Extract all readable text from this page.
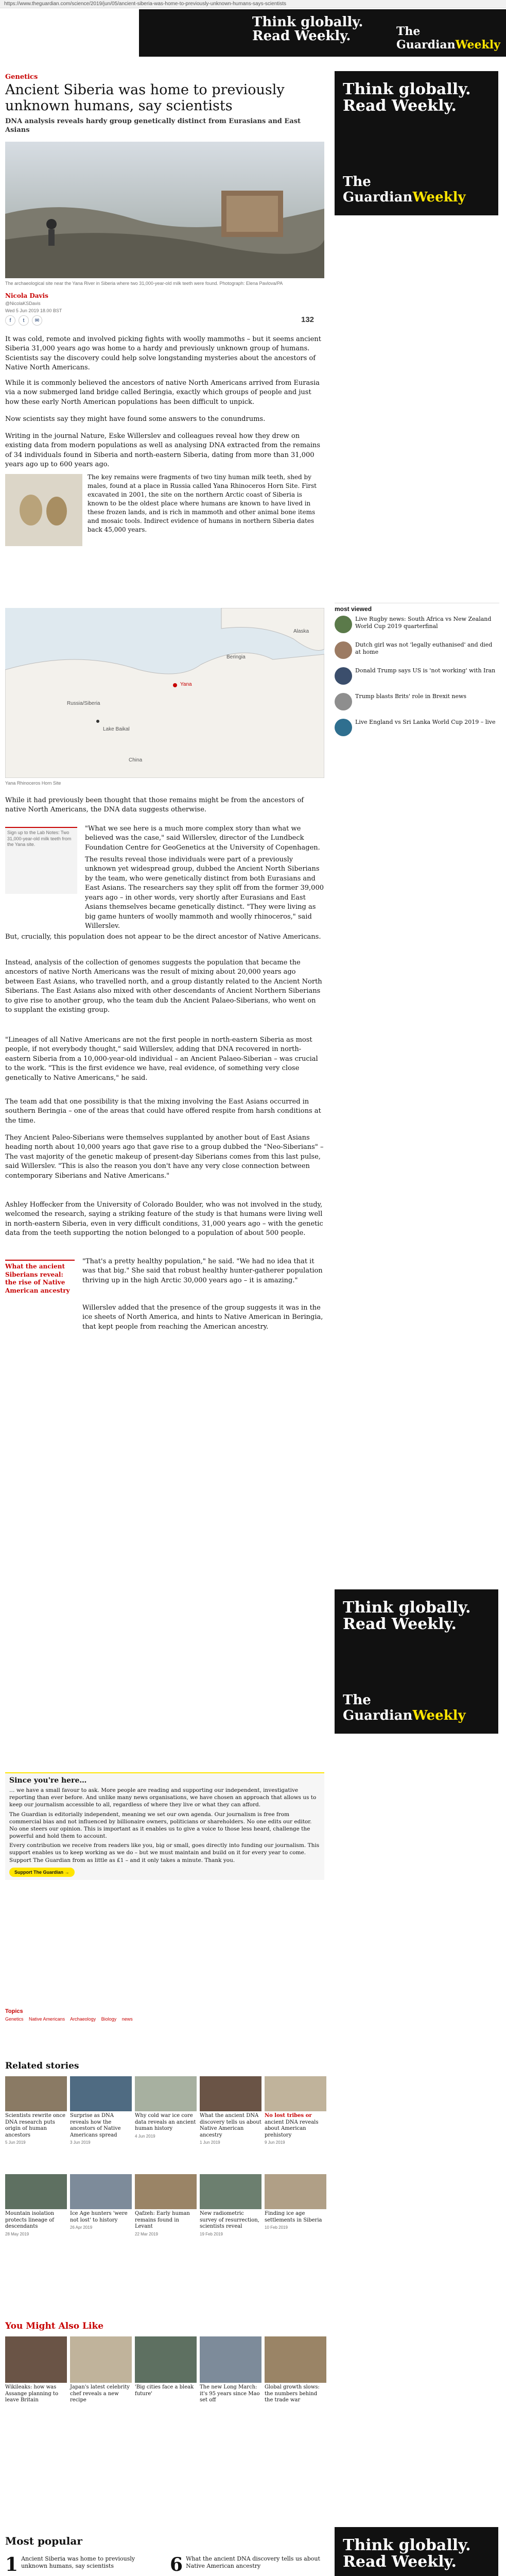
https://www.theguardian.com/science/2019/jun/05/ancient-siberia-was-home-to-previously-unknown-humans-says-scientists
Think globally. Read Weekly.	The GuardianWeekly
Genetics
Ancient Siberia was home to previously unknown humans, say scientists

DNA analysis reveals hardy group genetically distinct from Eurasians and East Asians

Think globally. Read Weekly.
The GuardianWeekly
The archaeological site near the Yana River in Siberia where two 31,000-year-old milk teeth were found. Photograph: Elena Pavlova/PA
Nicola Davis
@NicolaKSDavis
Wed 5 Jun 2019 18.00 BST
f	t	✉	132

It was cold, remote and involved picking fights with woolly mammoths – but it seems ancient Siberia 31,000 years ago was home to a hardy and previously unknown group of humans. Scientists say the discovery could help solve longstanding mysteries about the ancestors of Native North Americans.

While it is commonly believed the ancestors of native North Americans arrived from Eurasia via a now submerged land bridge called Beringia, exactly which groups of people and just how these early North American populations has been difficult to unpick.

Now scientists say they might have found some answers to the conundrums.

Writing in the journal Nature, Eske Willerslev and colleagues reveal how they drew on existing data from modern populations as well as analysing DNA extracted from the remains of 34 individuals found in Siberia and north-eastern Siberia, dating from more than 31,000 years ago up to 600 years ago.

The key remains were fragments of two tiny human milk teeth, shed by males, found at a place in Russia called Yana Rhinoceros Horn Site. First excavated in 2001, the site on the northern Arctic coast of Siberia is known to be the oldest place where humans are known to have lived in these frozen lands, and is rich in mammoth and other animal bone items and mosaic tools. Indirect evidence of humans in northern Siberia dates back 45,000 years.

Beringia
Yana
Alaska
Russia/Siberia
Lake Baikal
China
Yana Rhinoceros Horn Site
most viewed
Live Rugby news: South Africa vs New Zealand World Cup 2019 quarterfinal
Dutch girl was not 'legally euthanised' and died at home
Donald Trump says US is 'not working' with Iran
Trump blasts Brits' role in Brexit news
Live England vs Sri Lanka World Cup 2019 – live

While it had previously been thought that those remains might be from the ancestors of native North Americans, the DNA data suggests otherwise.

Sign up to the Lab Notes: Two 31,000-year-old milk teeth from the Yana site.

"What we see here is a much more complex story than what we believed was the case," said Willerslev, director of the Lundbeck Foundation Centre for GeoGenetics at the University of Copenhagen.

The results reveal those individuals were part of a previously unknown yet widespread group, dubbed the Ancient North Siberians by the team, who were genetically distinct from both Eurasians and East Asians. The researchers say they split off from the former 39,000 years ago – in other words, very shortly after Eurasians and East Asians themselves became genetically distinct. "They were living as big game hunters of woolly mammoth and woolly rhinoceros," said Willerslev.

But, crucially, this population does not appear to be the direct ancestor of Native Americans.

Instead, analysis of the collection of genomes suggests the population that became the ancestors of native North Americans was the result of mixing about 20,000 years ago between East Asians, who travelled north, and a group distantly related to the Ancient North Siberians. The East Asians also mixed with other descendants of Ancient Northern Siberians to give rise to another group, who the team dub the Ancient Palaeo-Siberians, who went on to supplant the existing group.

"Lineages of all Native Americans are not the first people in north-eastern Siberia as most people, if not everybody thought," said Willerslev, adding that DNA recovered in north-eastern Siberia from a 10,000-year-old individual – an Ancient Palaeo-Siberian – was crucial to the work. "This is the first evidence we have, real evidence, of something very close genetically to Native Americans," he said.

The team add that one possibility is that the mixing involving the East Asians occurred in southern Beringia – one of the areas that could have offered respite from harsh conditions at the time.

They Ancient Paleo-Siberians were themselves supplanted by another bout of East Asians heading north about 10,000 years ago that gave rise to a group dubbed the "Neo-Siberians" – The vast majority of the genetic makeup of present-day Siberians comes from this last pulse, said Willerslev. "This is also the reason you don't have any very close connection between contemporary Siberians and Native Americans."

Ashley Hoffecker from the University of Colorado Boulder, who was not involved in the study, welcomed the research, saying a striking feature of the study is that humans were living well in north-eastern Siberia, even in very difficult conditions, 31,000 years ago – with the genetic data from the teeth supporting the notion belonged to a population of about 500 people.

What the ancient Siberians reveal: the rise of Native American ancestry

"That's a pretty healthy population," he said. "We had no idea that it was that big." She said that robust healthy hunter-gatherer population thriving up in the high Arctic 30,000 years ago – it is amazing."

Willerslev added that the presence of the group suggests it was in the ice sheets of North America, and hints to Native American in Beringia, that kept people from reaching the American ancestry.

Think globally. Read Weekly.
The GuardianWeekly
Since you're here…

… we have a small favour to ask. More people are reading and supporting our independent, investigative reporting than ever before. And unlike many news organisations, we have chosen an approach that allows us to keep our journalism accessible to all, regardless of where they live or what they can afford.

The Guardian is editorially independent, meaning we set our own agenda. Our journalism is free from commercial bias and not influenced by billionaire owners, politicians or shareholders. No one edits our editor. No one steers our opinion. This is important as it enables us to give a voice to those less heard, challenge the powerful and hold them to account.

Every contribution we receive from readers like you, big or small, goes directly into funding our journalism. This support enables us to keep working as we do – but we must maintain and build on it for every year to come. Support The Guardian from as little as £1 – and it only takes a minute. Thank you.

Support The Guardian →
Topics
Genetics Native Americans Archaeology Biology news
Related stories
Scientists rewrite once DNA research puts origin of human ancestors
5 Jun 2019
Surprise as DNA reveals how the ancestors of Native Americans spread
3 Jun 2019
Why cold war ice core data reveals an ancient human history
4 Jun 2019
What the ancient DNA discovery tells us about Native American ancestry
1 Jun 2019
No lost tribes or ancient DNA reveals about American prehistory
9 Jun 2019
Mountain isolation protects lineage of descendants
28 May 2019
Ice Age hunters 'were not lost' to history
26 Apr 2019
Qafzeh: Early human remains found in Levant
22 Mar 2019
New radiometric survey of resurrection, scientists reveal
19 Feb 2019
Finding ice age settlements in Siberia
10 Feb 2019
You Might Also Like
Wikileaks: how was Assange planning to leave Britain
Japan's latest celebrity chef reveals a new recipe
'Big cities face a bleak future'
The new Long March: it's 95 years since Mao set off
Global growth slows: the numbers behind the trade war
Most popular
1 Ancient Siberia was home to previously unknown humans, say scientists	6 What the ancient DNA discovery tells us about Native American ancestry
Think globally. Read Weekly.
